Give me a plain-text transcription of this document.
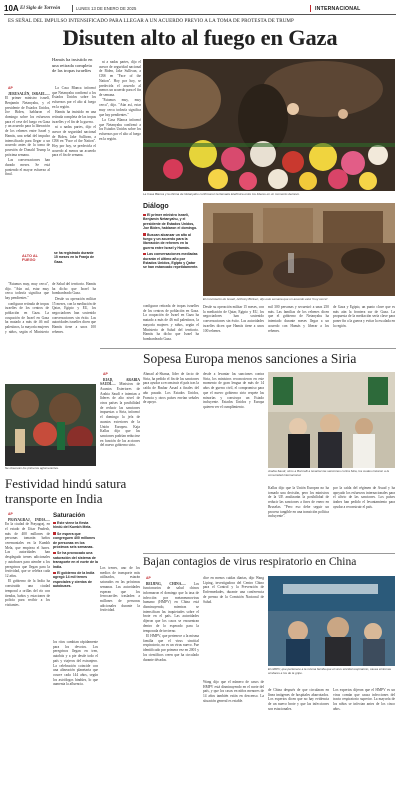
10A El Siglo de Torreón	LUNES 13 DE ENERO DE 2025	INTERNACIONAL
ES SEÑAL DEL IMPULSO INTENSIFICADO PARA LLEGAR A UN ACUERDO PREVIO A LA TOMA DE PROTESTA DE TRUMP
Disuten alto al fuego en Gaza
Hamás ha insistido en una retirada completa de las tropas israelíes

AP

JERUSALÉN, ISRAEL.— El primer ministro israelí, Benjamín Netanyahu, y el presidente de Estados Unidos, Joe Biden, hablaron el domingo sobre los esfuerzos para el cese del fuego en Gaza y un acuerdo para la liberación de los rehenes entre Israel y Hamás, una señal del impulso intensificado para llegar a un acuerdo antes de la toma de posesión de Donald Trump la próxima semana.

Las conversaciones han durado meses. Se está poniendo el mayor esfuerzo al final.

ALTO AL FUEGO
se ha registrado durante 15 meses en la Franja de Gaza.

La Casa Blanca informó que Netanyahu confirmó a los Estados Unidos sobre los esfuerzos por el alto al fuego en la región.

Hamás ha insistido en una retirada completa de las tropas israelíes y el fin de la guerra.

ni a nadas partes, dijo el asesor de seguridad nacional de Biden, Jake Sullivan, a CBS en "Face of the Nation". Hoy por hoy, se predecirla el acuerdo al menos un acuerdo para el fin de semana.

"Estamos muy, muy cerca", dijo. "Aún así, estar muy cerca todavía significa que hay pendientes."

configurar retirada de tropas israelíes de los centros de población en Gaza. La ocupación de Israel en Gaza ha matado a más de 46 mil palestinos, la mayoría mujeres y niños, según el Ministerio de Salud del territorio. Hamás ha dicho que Israel ha bombardeado Gaza.

Desde su operación militar 15 meses, con la mediación de Qatar, Egipto y EU, los negociadores han sostenido conversaciones sin éxito. Las autoridades israelíes dicen que Hamás tiene a unos 100 rehenes.

ni a nadas partes, dijo el asesor de seguridad nacional de Biden, Jake Sullivan, a CBS en "Face of the Nation". Hoy por hoy, se predecirla el acuerdo al menos un acuerdo para el fin de semana.

"Estamos muy, muy cerca", dijo. "Aún así, estar muy cerca todavía significa que hay pendientes."

La Casa Blanca informó que Netanyahu confirmó a los Estados Unidos sobre los esfuerzos por el alto al fuego en la región.

La Casa Blanca y la oficina de Netanyahu confirmaron la llamada telefónica entre los líderes en un momento decisivo.
Diálogo
El primer ministro israelí, Benjamín Netanyahu, y el presidente de Estados Unidos, Joe Biden, hablaron el domingo.
Buscan alcanzar un alto al fuego y un acuerdo para la liberación de rehenes en la guerra entre Israel y Hamás.
Las conversaciones mediadas durarán el último año por Estados Unidos, Egipto y Qatar se han estancado repetidamente.
El movimiento de Israelí, Anthony Blinken, dijo este semana que un acuerdo está "muy cerca".
configurar retirada de tropas israelíes de los centros de población en Gaza. La ocupación de Israel en Gaza ha matado a más de 46 mil palestinos, la mayoría mujeres y niños, según el Ministerio de Salud del territorio. Hamás ha dicho que Israel ha bombardeado Gaza.
Desde su operación militar 15 meses, con la mediación de Qatar, Egipto y EU, los negociadores han sostenido conversaciones sin éxito. Las autoridades israelíes dicen que Hamás tiene a unos 100 rehenes.
mil 300 personas y secuestró a unas 250 más. Las familias de los rehenes dicen que el gobierno de Netanyahu ha intentado durante meses llegar a un acuerdo con Hamás y liberar a los rehenes.
de Gaza y Egipto, un punto clave que es más aún la frontera sur de Gaza. La propuesta de la mediación sería clave para poner fin a la guerra y evitar la escalada en la región.
Sopesa Europa menos sanciones a Siria
Se observan los primeros aglomerantes.

AP

RIAD, ARABIA SAUDÍ.— Ministros de Asuntos Exteriores de Arabia Saudí e intentan a líderes de alto nivel de otros países la posibilidad de reducir las sanciones impuestas a Siria, informó el domingo la jefa de asuntos exteriores de la Unión Europea. Kaja Kallas dijo que las sanciones podrían reducirse en función de las acciones del nuevo gobierno sirio.

Ahmad al-Sharaa, líder de facto de Siria, ha pedido el fin de las sanciones para ayudar a reconstruir el país tras la caída de Bashar Assad a finales del año pasado. Los Estados Unidos, Francia y otros países envían señales de apoyo.
desde a levantar las sanciones contra Siria, los ministros reconocieron en este momento de gran lengua de más de 14 años de guerra civil, el compromiso para que el nuevo gobierno sirio respete las minorías y construya un Estado incluyente. Estados Unidos y Europa quieren ver el cumplimiento.
Arabia Saudí, otros a Bonnalli a levantar las sanciones contra Siria, los cuales instaron a la comunidad internacional.
Kallas dijo que la Unión Europea no ha tomado una decisión, pero los ministros de la UE analizarán la posibilidad de reducir las sanciones a fines de enero en Bruselas. "Pero eso debe seguir un proceso tangible en una transición política incluyente".
por la caída del régimen de Assad y ha apoyado los esfuerzos internacionales para el alivio de las sanciones. Los países árabes han pedido el levantamiento para ayudar a reconstruir el país.
Festividad hindú satura transporte en India

AP

PRAYAGRAJ, INDIA.— En la ciudad de Prayagraj, en el estado de Uttar Pradesh, más de 400 millones de personas tomarán baños ceremoniales en la Kumbh Mela, que empieza el lunes. Las autoridades han desplegado trenes adicionales y autobuses para atender a los peregrinos que llegan para la festividad, que se celebra cada 12 años.

El gobierno de la India ha construido una ciudad temporal a orillas del río con tiendas, baños y estaciones de policía para recibir a los visitantes.

Saturación
Este viene la fiesta hindú del Kumbh Mela.
Se espera que congreguen 400 millones de personas en los próximos seis semanas.
Se ha provocado una saturación del sistema de transporte en el norte de la India.
El gobierno de la India agregó 14 mil trenes especiales y cientos de autobuses.
los ritos cambian rápidamente para los devotos. Los peregrinos llegan en tren, autobús y a pie desde todo el país y viajeros del extranjero. La celebración coincide con una alineación planetaria que ocurre cada 144 años, según los astrólogos hindúes, lo que aumenta la afluencia.
Los trenes, uno de los medios de transporte más utilizados, estarán saturados en las próximas semanas. Las autoridades esperan que los ferrocarriles trasladen a millones de personas adicionales durante la festividad.
Bajan contagios de virus respiratorio en China

AP

BEIJING, CHINA.— Los funcionarios de salud chinos informaron el domingo que la tasa de infección por metaneumovirus humano (HMPV) en China está disminuyendo, mientras se intensifican las inquietudes sobre el brote en el país. Las autoridades dijeron que los casos se encuentran dentro de lo esperado para la temporada de invierno.

El HMPV, que pertenece a la misma familia que el virus sincitial respiratorio, no es un virus nuevo. Fue identificado por primera vez en 2001 y los científicos creen que ha circulado durante décadas.

dice en menos cuidas diarias, dijo Wang Liping, investigadora del Centro Chino para el Control y la Prevención de Enfermedades, durante una conferencia de prensa de la Comisión Nacional de Salud.
Wang dijo que el número de casos de HMPV está disminuyendo en el norte del país, y que los casos en niños menores de 14 años también están en descenso. La situación general es estable.
El HMPV, que pertenece a la misma familia que el virus sincitial respiratorio, causa síntomas similares a los de la gripe.
de China después de que circularan en línea imágenes de hospitales abarrotados. Los expertos dicen que no hay evidencia de un nuevo brote y que las infecciones son estacionales.
Los expertos dijeron que el HMPV es un virus común que causa infecciones del tracto respiratorio superior. La mayoría de los niños se infectan antes de los cinco años.
